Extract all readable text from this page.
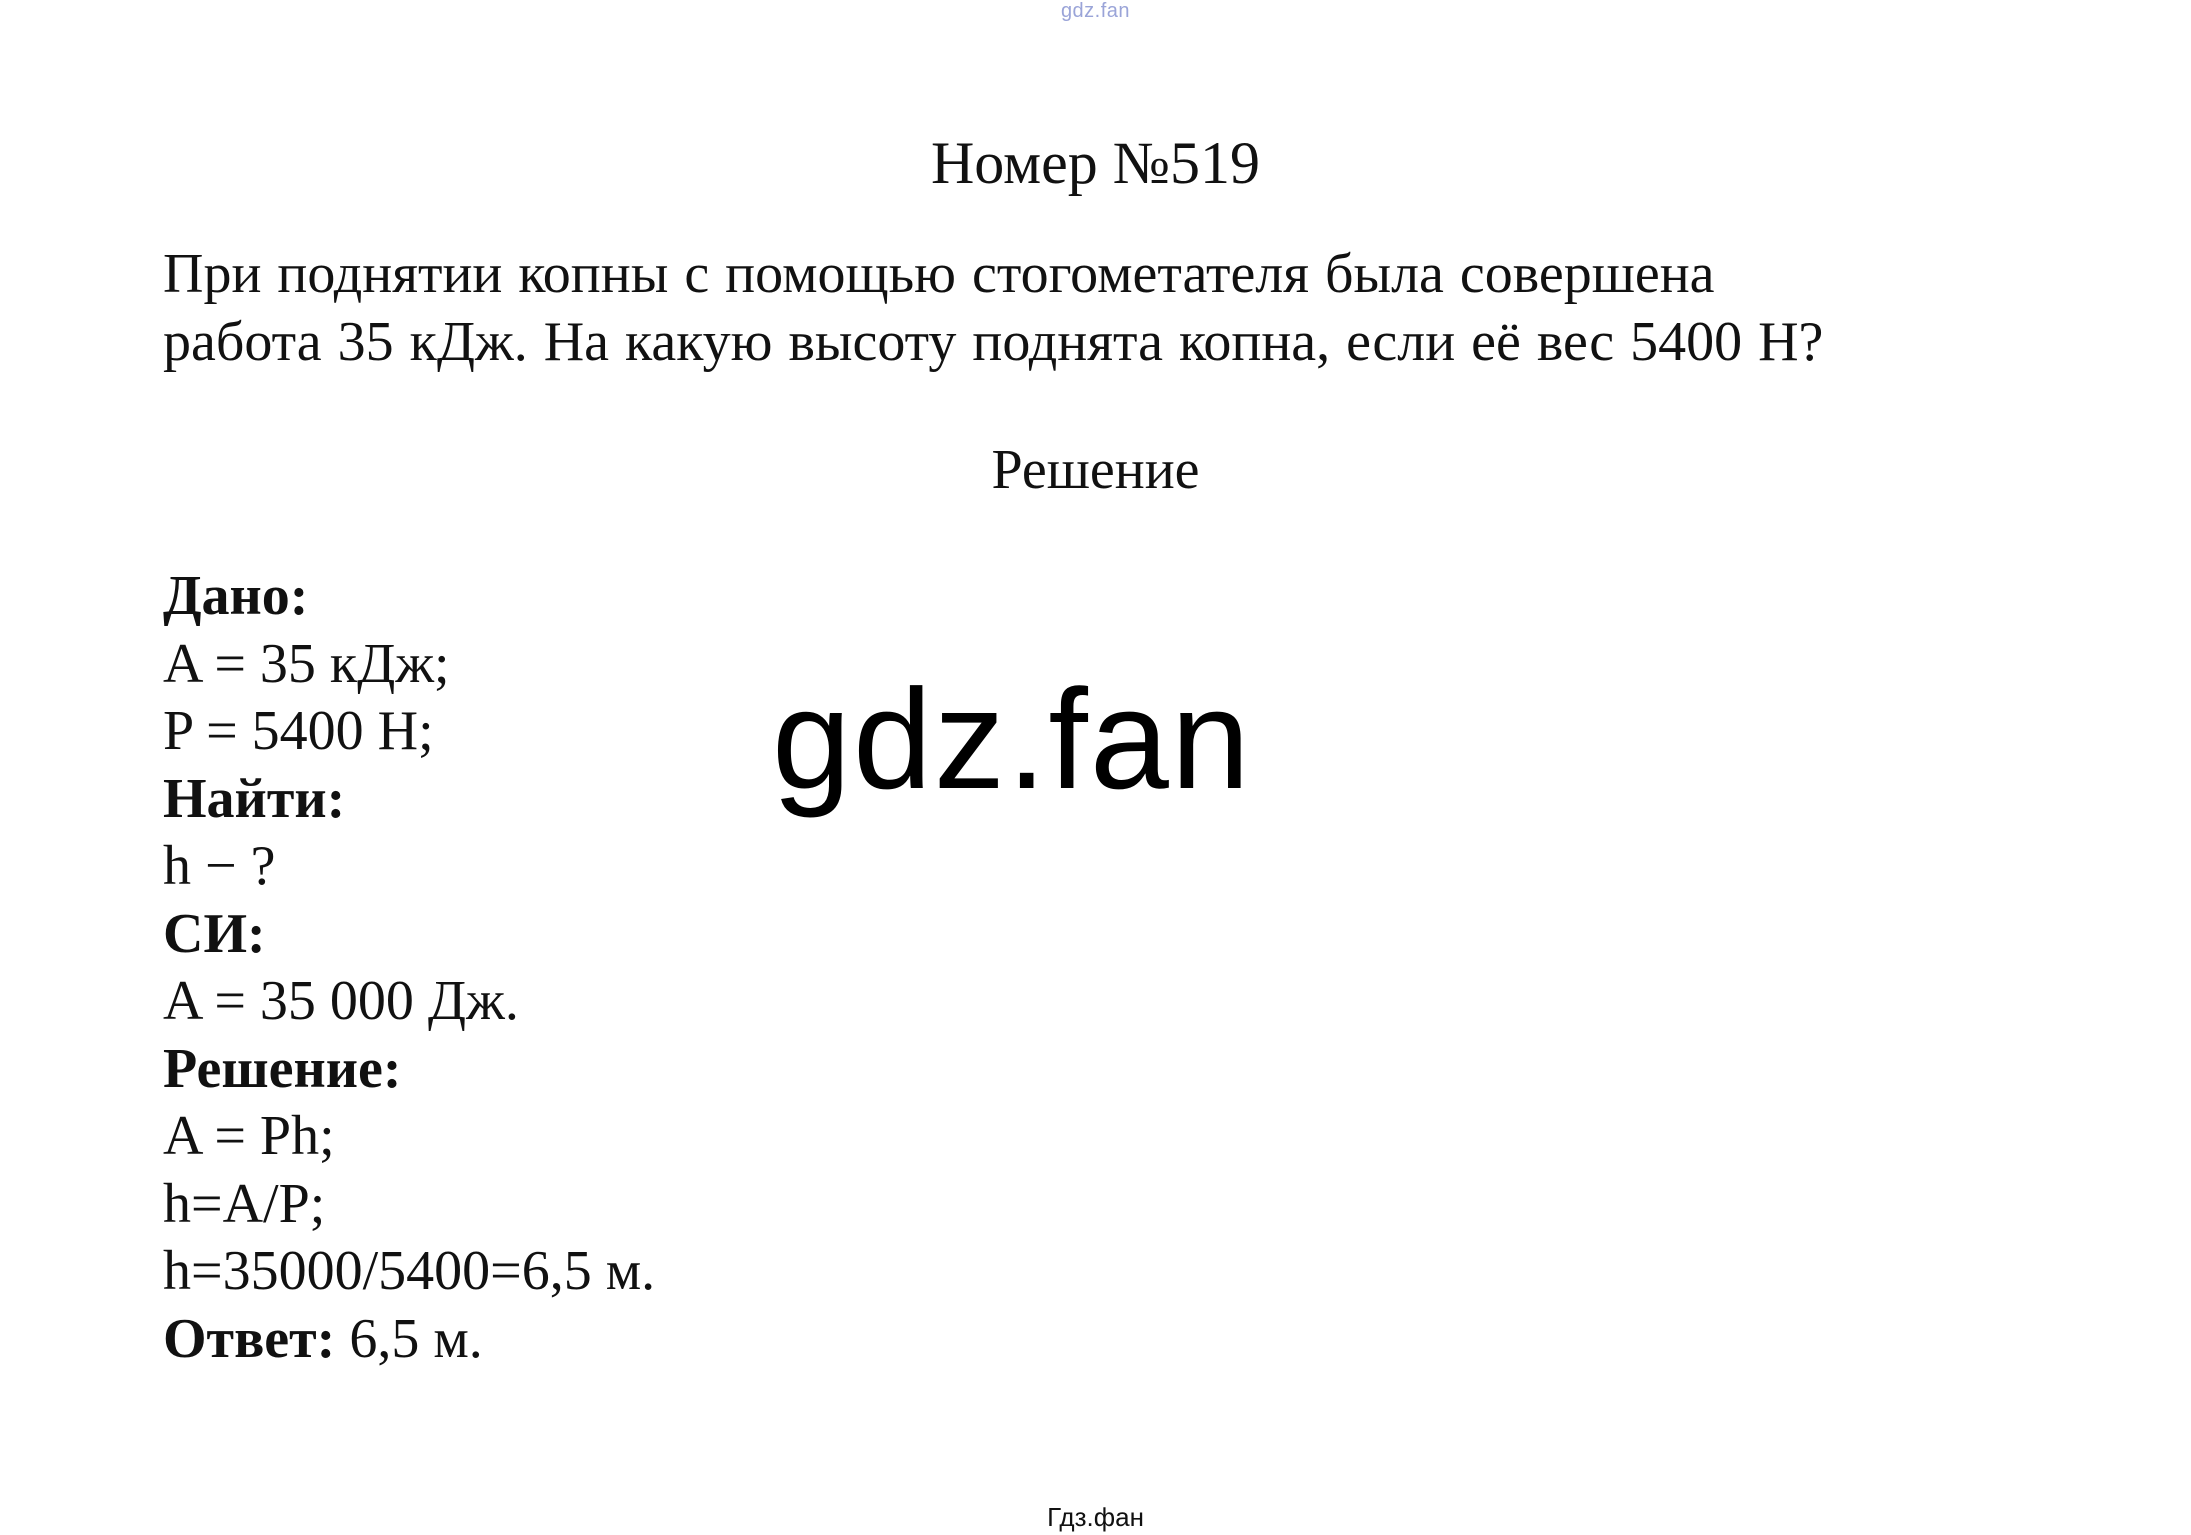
gdz.fan
Номер №519
При поднятии копны с помощью стогометателя была совершена
работа 35 кДж. На какую высоту поднята копна, если её вес 5400 Н?
Решение
Дано:
A = 35 кДж;
P = 5400 Н;
Найти:
h − ?
СИ:
A = 35 000 Дж.
Решение:
A = Ph;
h=A/P;
h=35000/5400=6,5 м.
Ответ: 6,5 м.
gdz.fan
Гдз.фан
